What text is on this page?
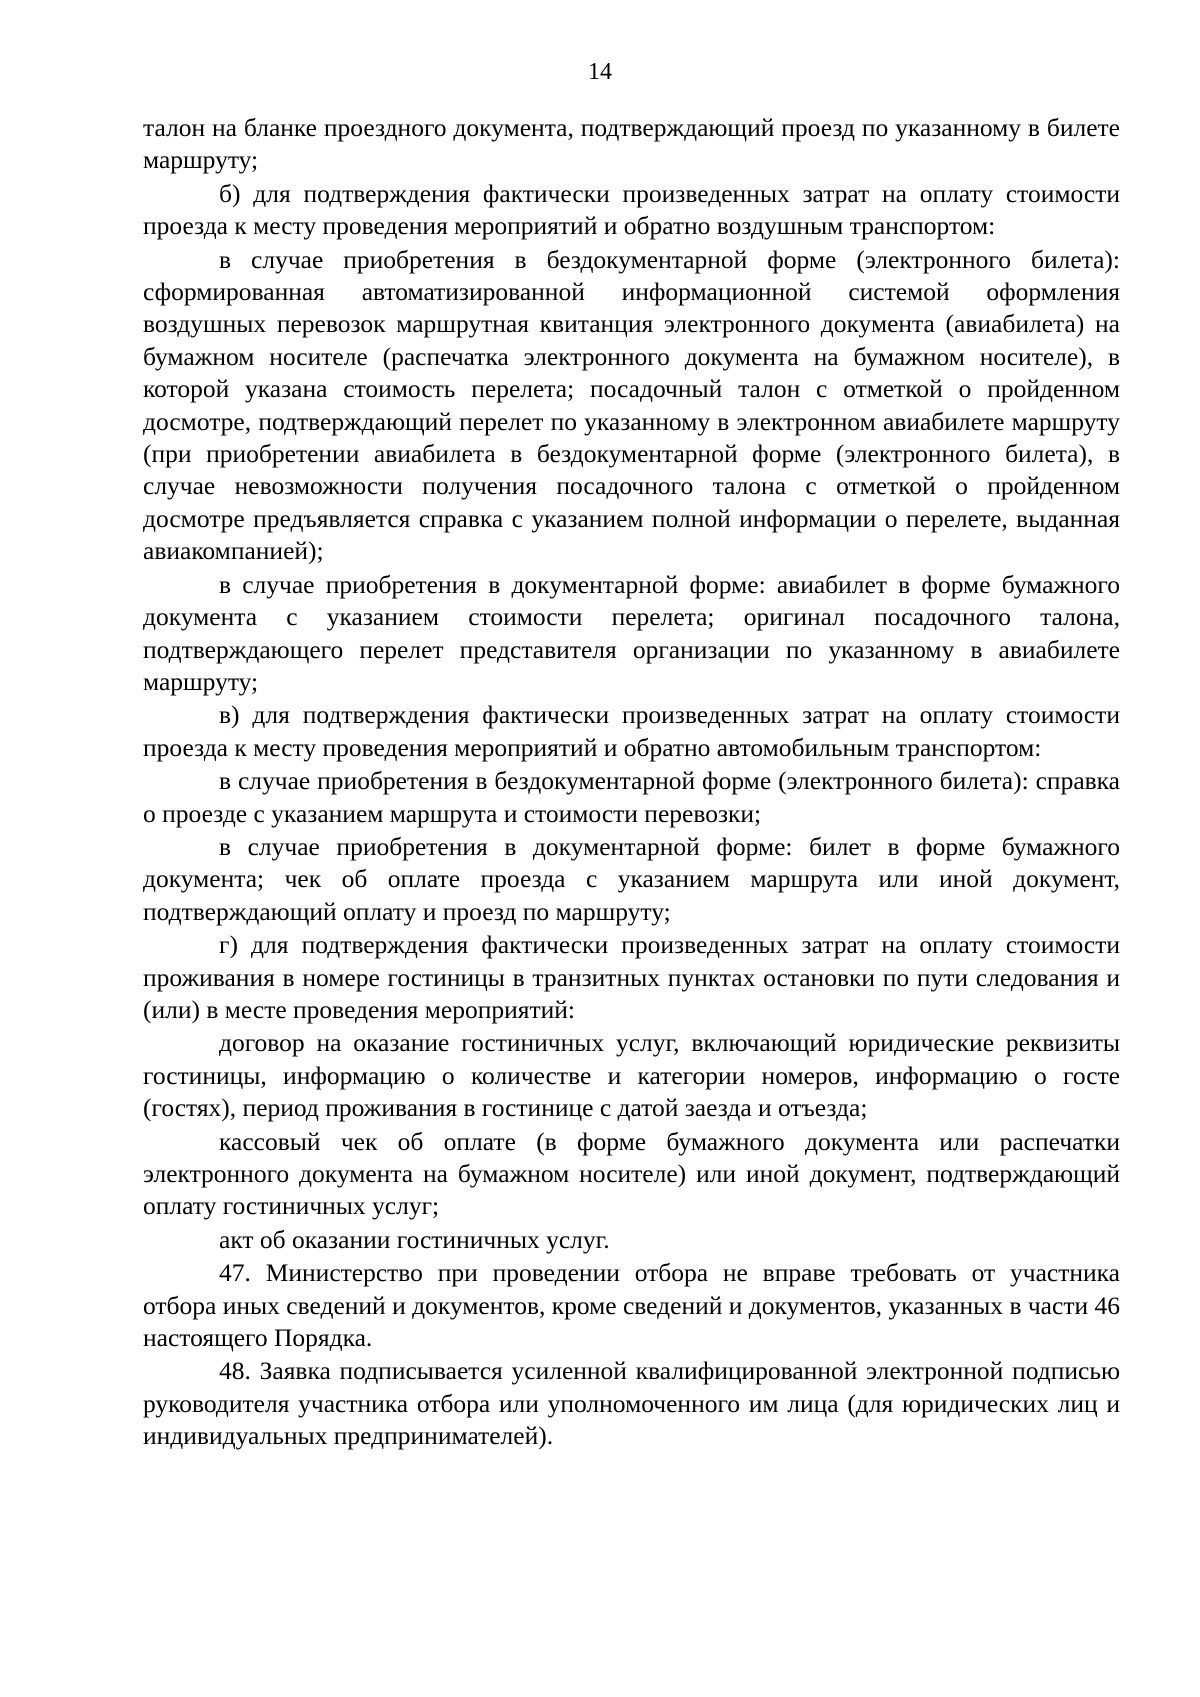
14

талон на бланке проездного документа, подтверждающий проезд по указанному в билете маршруту;

б) для подтверждения фактически произведенных затрат на оплату стоимости проезда к месту проведения мероприятий и обратно воздушным транспортом:

в случае приобретения в бездокументарной форме (электронного билета): сформированная автоматизированной информационной системой оформления воздушных перевозок маршрутная квитанция электронного документа (авиабилета) на бумажном носителе (распечатка электронного документа на бумажном носителе), в которой указана стоимость перелета; посадочный талон с отметкой о пройденном досмотре, подтверждающий перелет по указанному в электронном авиабилете маршруту (при приобретении авиабилета в бездокументарной форме (электронного билета), в случае невозможности получения посадочного талона с отметкой о пройденном досмотре предъявляется справка с указанием полной информации о перелете, выданная авиакомпанией);

в случае приобретения в документарной форме: авиабилет в форме бумажного документа с указанием стоимости перелета; оригинал посадочного талона, подтверждающего перелет представителя организации по указанному в авиабилете маршруту;

в) для подтверждения фактически произведенных затрат на оплату стоимости проезда к месту проведения мероприятий и обратно автомобильным транспортом:

в случае приобретения в бездокументарной форме (электронного билета): справка о проезде с указанием маршрута и стоимости перевозки;

в случае приобретения в документарной форме: билет в форме бумажного документа; чек об оплате проезда с указанием маршрута или иной документ, подтверждающий оплату и проезд по маршруту;

г) для подтверждения фактически произведенных затрат на оплату стоимости проживания в номере гостиницы в транзитных пунктах остановки по пути следования и (или) в месте проведения мероприятий:

договор на оказание гостиничных услуг, включающий юридические реквизиты гостиницы, информацию о количестве и категории номеров, информацию о госте (гостях), период проживания в гостинице с датой заезда и отъезда;

кассовый чек об оплате (в форме бумажного документа или распечатки электронного документа на бумажном носителе) или иной документ, подтверждающий оплату гостиничных услуг;

акт об оказании гостиничных услуг.

47. Министерство при проведении отбора не вправе требовать от участника отбора иных сведений и документов, кроме сведений и документов, указанных в части 46 настоящего Порядка.

48. Заявка подписывается усиленной квалифицированной электронной подписью руководителя участника отбора или уполномоченного им лица (для юридических лиц и индивидуальных предпринимателей).
